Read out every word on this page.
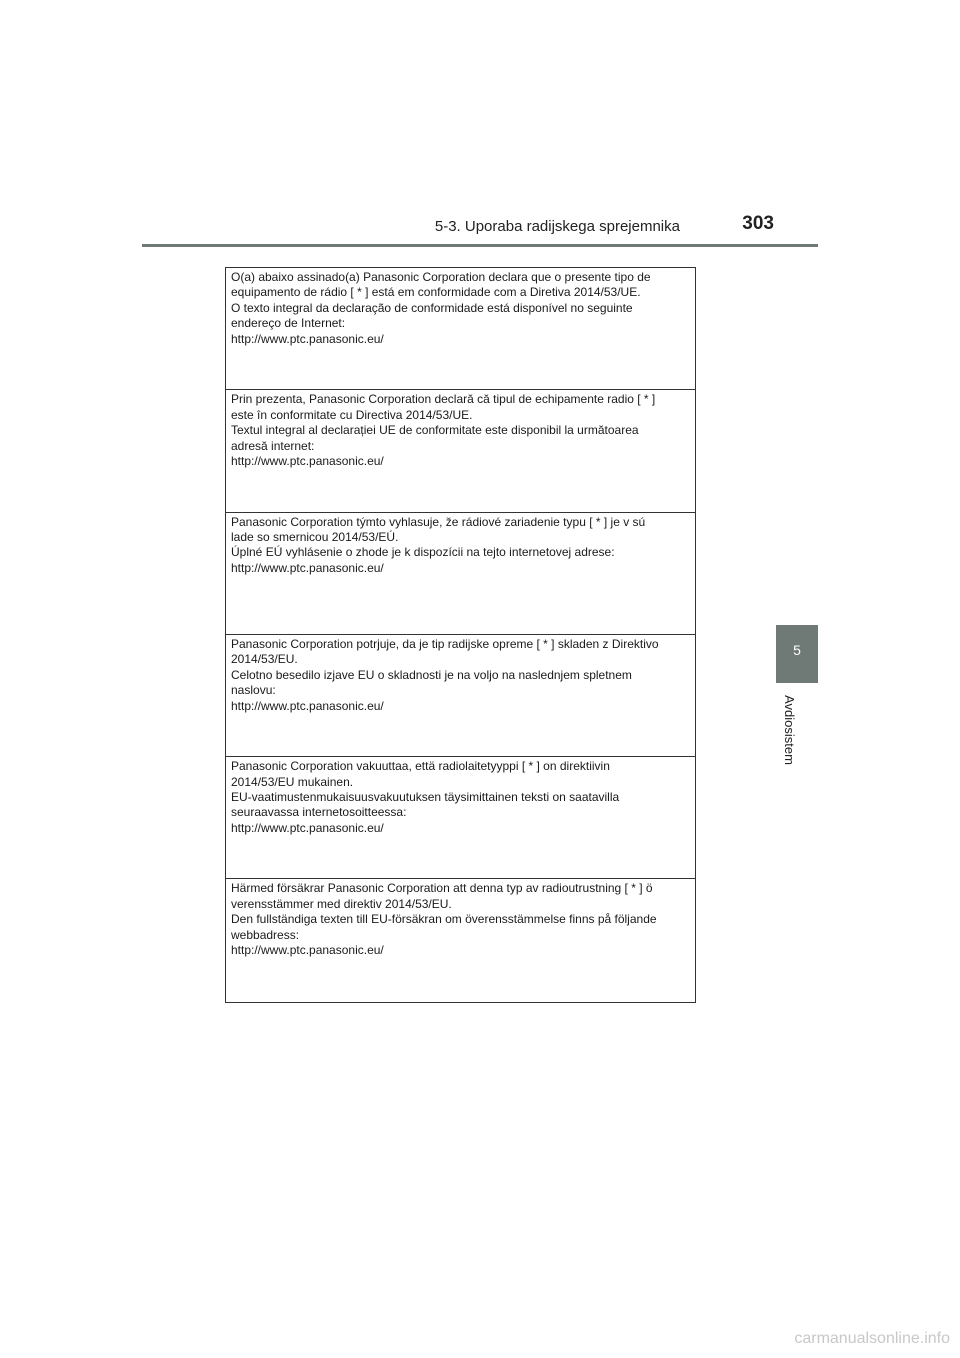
5-3. Uporaba radijskega sprejemnika	303
5
Avdiosistem
O(a) abaixo assinado(a) Panasonic Corporation declara que o presente tipo de
equipamento de rádio [ * ] está em conformidade com a Diretiva 2014/53/UE.
O texto integral da declaração de conformidade está disponível no seguinte
endereço de Internet:
http://www.ptc.panasonic.eu/
Prin prezenta, Panasonic Corporation declară că tipul de echipamente radio [ * ]
este în conformitate cu Directiva 2014/53/UE.
Textul integral al declarației UE de conformitate este disponibil la următoarea
adresă internet:
http://www.ptc.panasonic.eu/
Panasonic Corporation týmto vyhlasuje, že rádiové zariadenie typu [ * ] je v sú
lade so smernicou 2014/53/EÚ.
Úplné EÚ vyhlásenie o zhode je k dispozícii na tejto internetovej adrese:
http://www.ptc.panasonic.eu/
Panasonic Corporation potrjuje, da je tip radijske opreme [ * ] skladen z Direktivo
2014/53/EU.
Celotno besedilo izjave EU o skladnosti je na voljo na naslednjem spletnem
naslovu:
http://www.ptc.panasonic.eu/
Panasonic Corporation vakuuttaa, että radiolaitetyyppi [ * ] on direktiivin
2014/53/EU mukainen.
EU-vaatimustenmukaisuusvakuutuksen täysimittainen teksti on saatavilla
seuraavassa internetosoitteessa:
http://www.ptc.panasonic.eu/
Härmed försäkrar Panasonic Corporation att denna typ av radioutrustning [ * ] ö
verensstämmer med direktiv 2014/53/EU.
Den fullständiga texten till EU-försäkran om överensstämmelse finns på följande
webbadress:
http://www.ptc.panasonic.eu/
carmanualsonline.info
